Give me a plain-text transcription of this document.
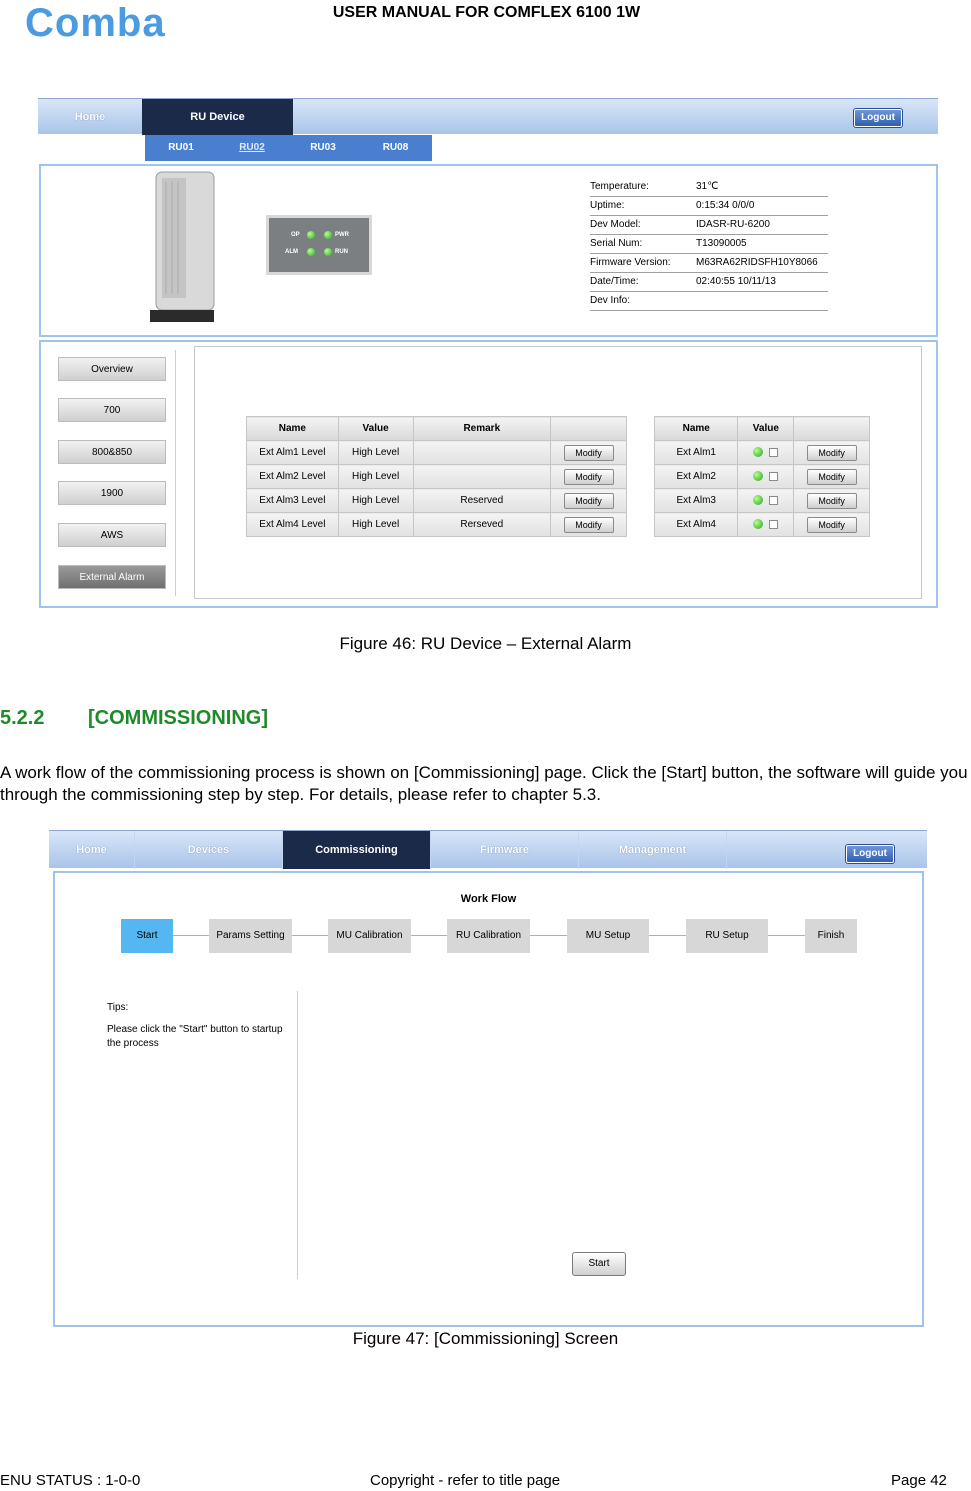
Comba	USER MANUAL FOR COMFLEX 6100 1W
Home	RU Device	Logout
RU01	RU02	RU03	RU08
OP	PWR
ALM	RUN
Temperature:	31℃
Uptime:	0:15:34 0/0/0
Dev Model:	IDASR-RU-6200
Serial Num:	T13090005
Firmware Version:	M63RA62RIDSFH10Y8066
Date/Time:	02:40:55 10/11/13
Dev Info:
Overview
700
800&850
1900
AWS
External Alarm
Name	Value	Remark	
Ext Alm1 Level	High Level		Modify
Ext Alm2 Level	High Level		Modify
Ext Alm3 Level	High Level	Reserved	Modify
Ext Alm4 Level	High Level	Rerseved	Modify
Name	Value	
Ext Alm1		Modify
Ext Alm2		Modify
Ext Alm3		Modify
Ext Alm4		Modify
Figure 46: RU Device – External Alarm
5.2.2 [COMMISSIONING]
A work flow of the commissioning process is shown on [Commissioning] page. Click the [Start] button, the software will guide you through the commissioning step by step. For details, please refer to chapter 5.3.
Home	Devices	Commissioning	Firmware	Management	Logout
Work Flow
Start	Params Setting	MU Calibration	RU Calibration	MU Setup	RU Setup	Finish
Tips:
Please click the "Start" button to startup the process
Start
Figure 47: [Commissioning] Screen
ENU STATUS : 1-0-0	Copyright - refer to title page	Page 42
